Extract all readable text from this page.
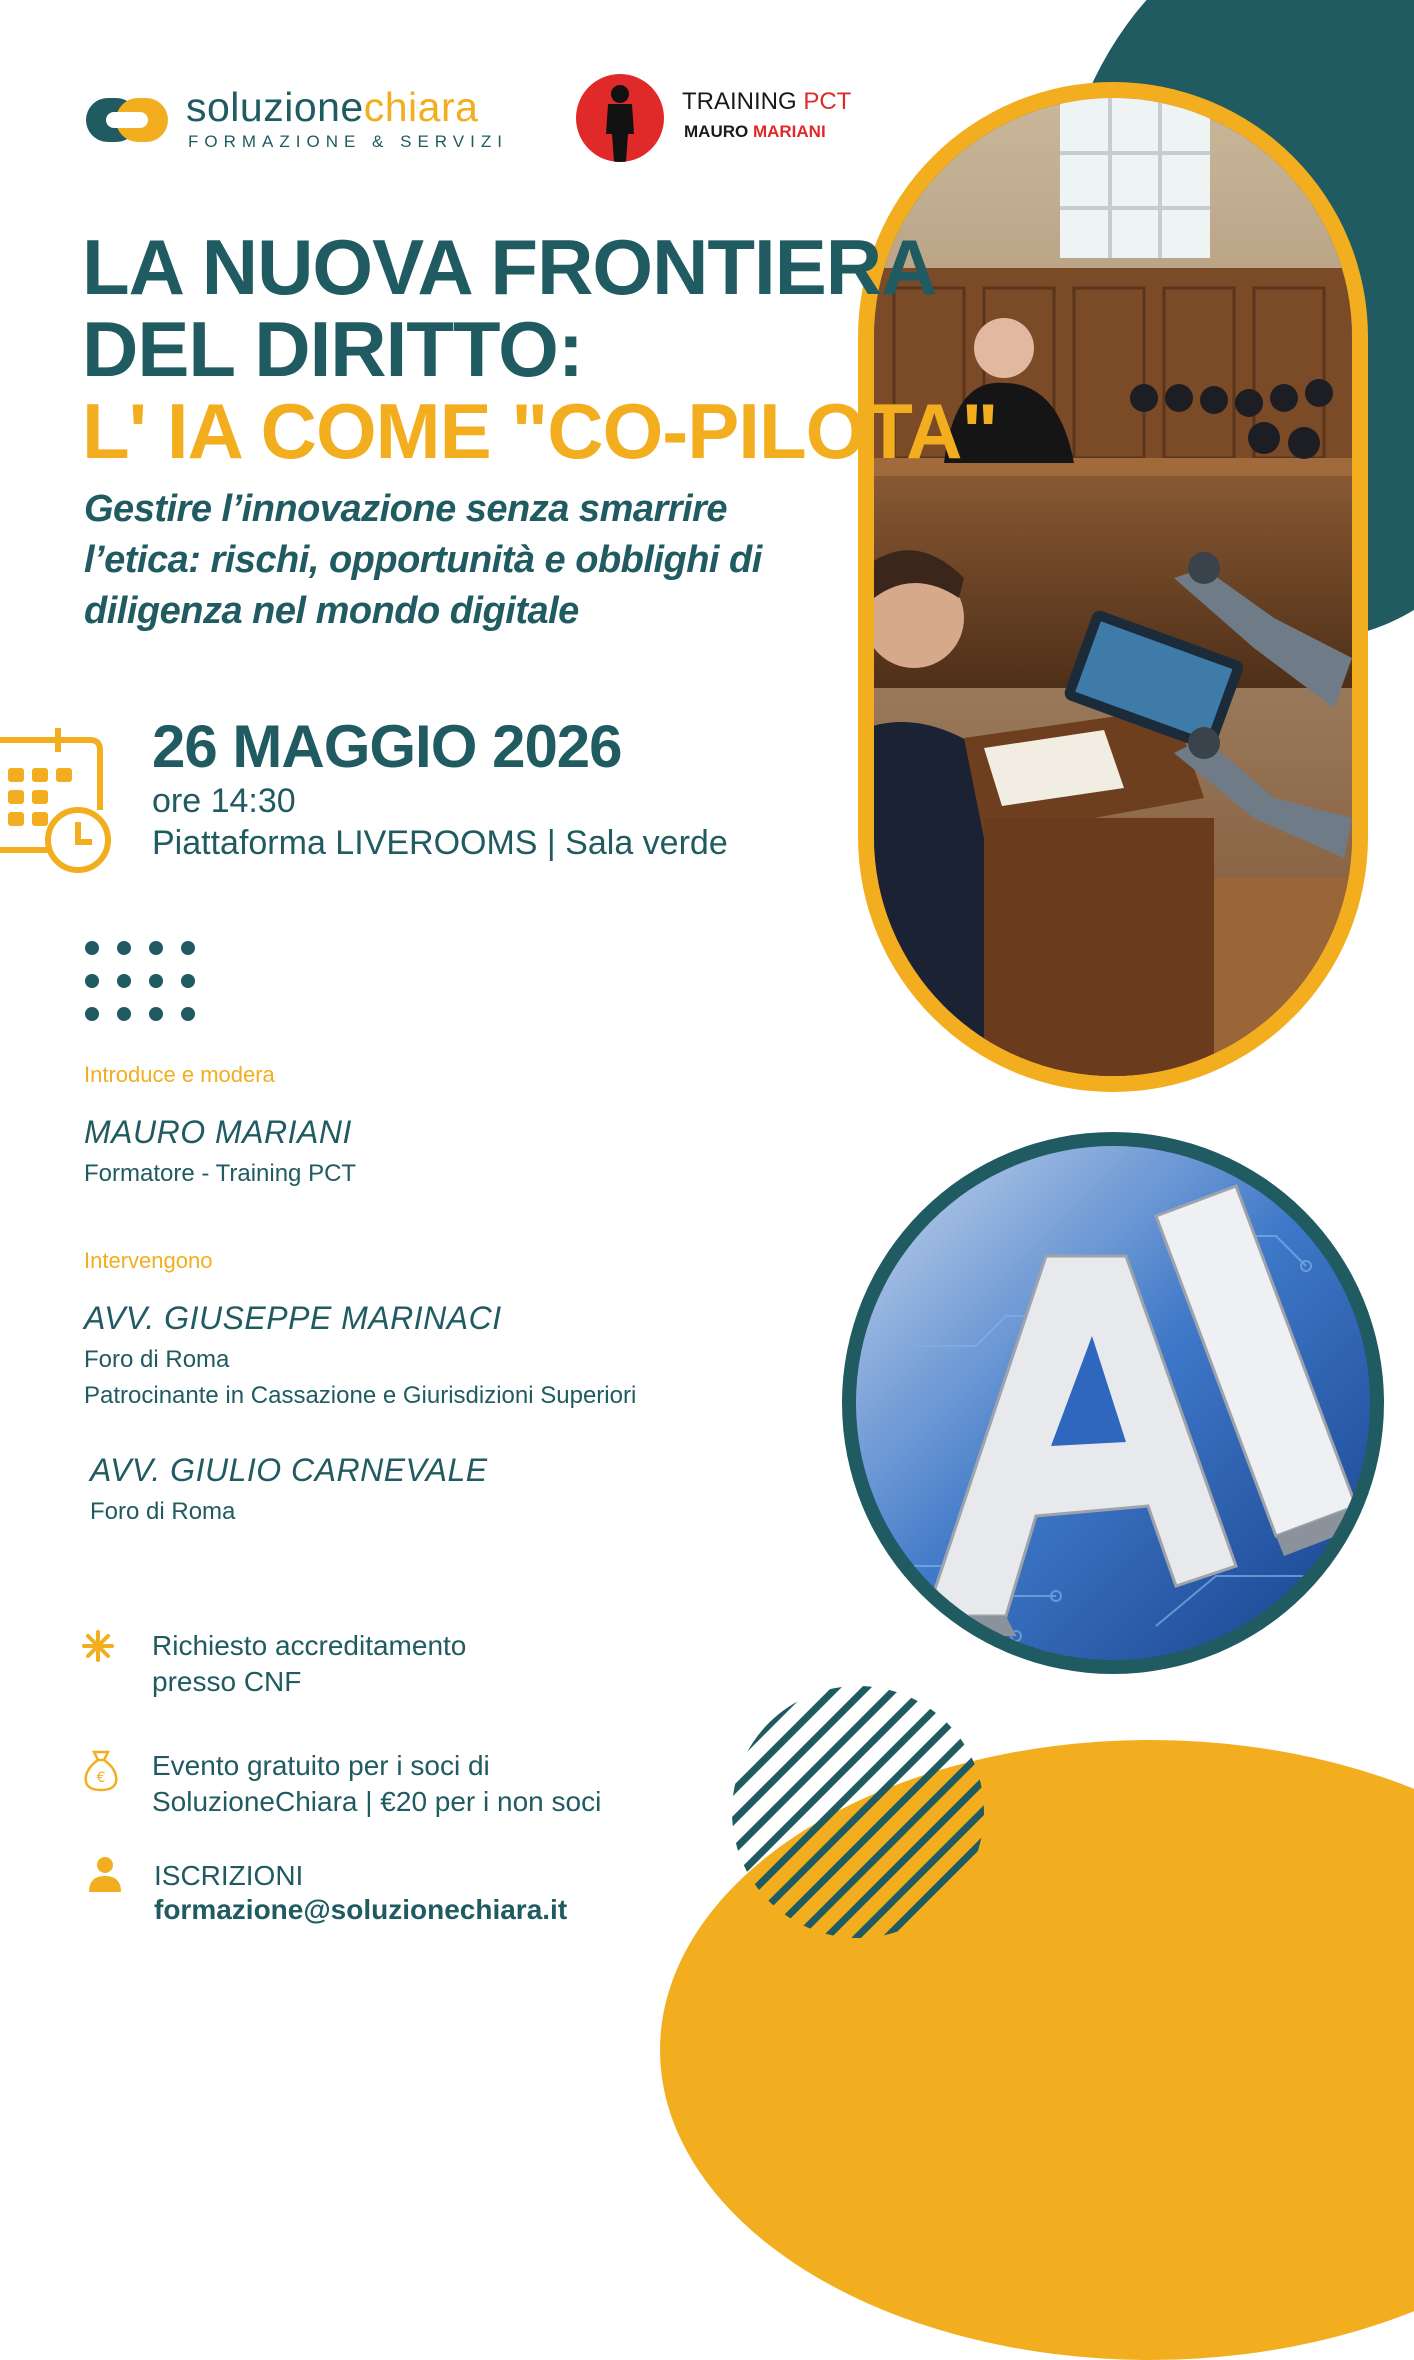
soluzionechiara
FORMAZIONE & SERVIZI
TRAINING PCT
MAURO MARIANI
LA NUOVA FRONTIERA
DEL DIRITTO:
L' IA COME "CO-PILOTA"
Gestire l’innovazione senza smarrire l’etica: rischi, opportunità e obblighi di diligenza nel mondo digitale
26 MAGGIO 2026
ore 14:30
Piattaforma LIVEROOMS | Sala verde
Introduce e modera
MAURO MARIANI
Formatore - Training PCT
Intervengono
AVV. GIUSEPPE MARINACI
Foro di Roma
Patrocinante in Cassazione e Giurisdizioni Superiori
AVV. GIULIO CARNEVALE
Foro di Roma
Richiesto accreditamento
presso CNF
€ Evento gratuito per i soci di
SoluzioneChiara | €20 per i non soci
ISCRIZIONI
formazione@soluzionechiara.it
